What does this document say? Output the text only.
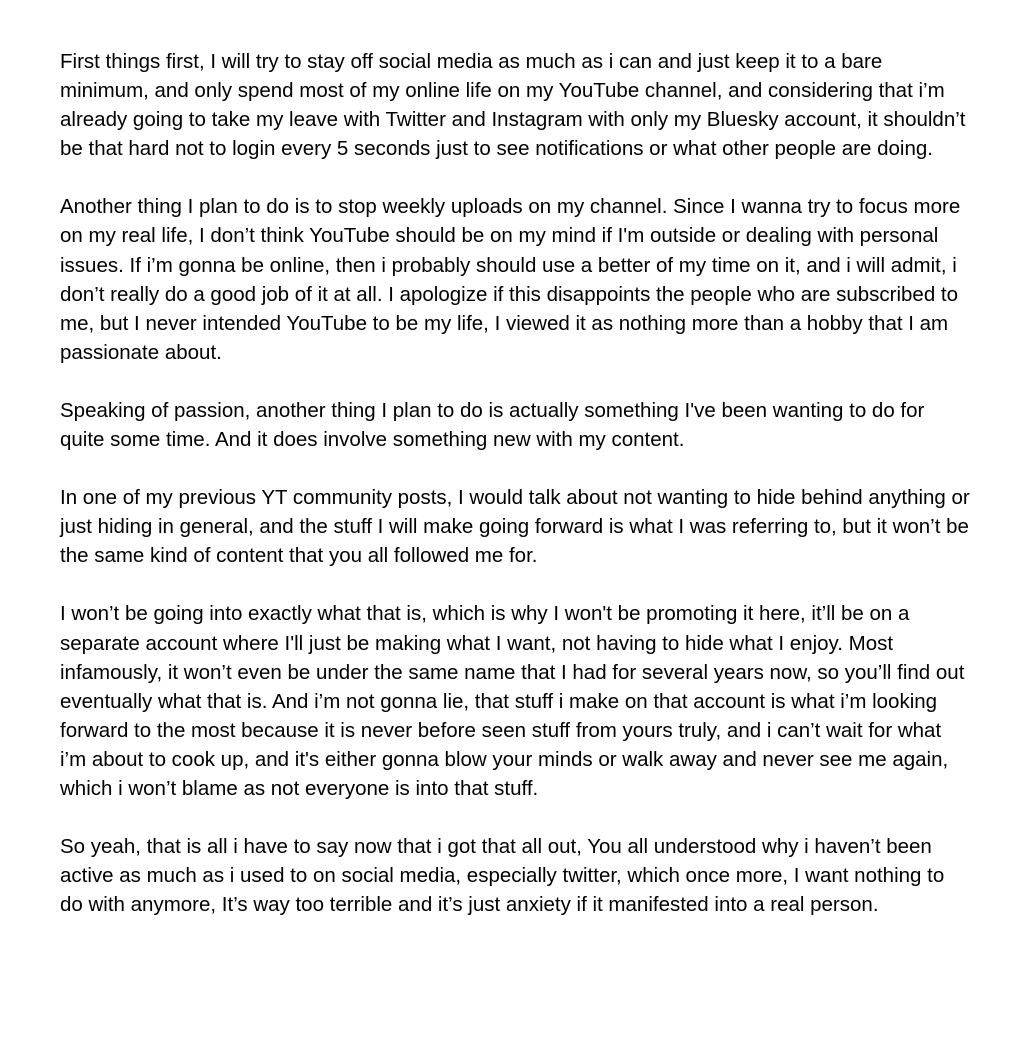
First things first, I will try to stay off social media as much as i can and just keep it to a bare minimum, and only spend most of my online life on my YouTube channel, and considering that i’m already going to take my leave with Twitter and Instagram with only my Bluesky account, it shouldn’t be that hard not to login every 5 seconds just to see notifications or what other people are doing.

Another thing I plan to do is to stop weekly uploads on my channel. Since I wanna try to focus more on my real life, I don’t think YouTube should be on my mind if I'm outside or dealing with personal issues. If i’m gonna be online, then i probably should use a better of my time on it, and i will admit, i don’t really do a good job of it at all. I apologize if this disappoints the people who are subscribed to me, but I never intended YouTube to be my life, I viewed it as nothing more than a hobby that I am passionate about.

Speaking of passion, another thing I plan to do is actually something I've been wanting to do for quite some time. And it does involve something new with my content.

In one of my previous YT community posts, I would talk about not wanting to hide behind anything or just hiding in general, and the stuff I will make going forward is what I was referring to, but it won’t be the same kind of content that you all followed me for.

I won’t be going into exactly what that is, which is why I won't be promoting it here, it’ll be on a separate account where I'll just be making what I want, not having to hide what I enjoy. Most infamously, it won’t even be under the same name that I had for several years now, so you’ll find out eventually what that is. And i’m not gonna lie, that stuff i make on that account is what i’m looking forward to the most because it is never before seen stuff from yours truly, and i can’t wait for what i’m about to cook up, and it's either gonna blow your minds or walk away and never see me again, which i won’t blame as not everyone is into that stuff.

So yeah, that is all i have to say now that i got that all out, You all understood why i haven’t been active as much as i used to on social media, especially twitter, which once more, I want nothing to do with anymore, It’s way too terrible and it’s just anxiety if it manifested into a real person.
